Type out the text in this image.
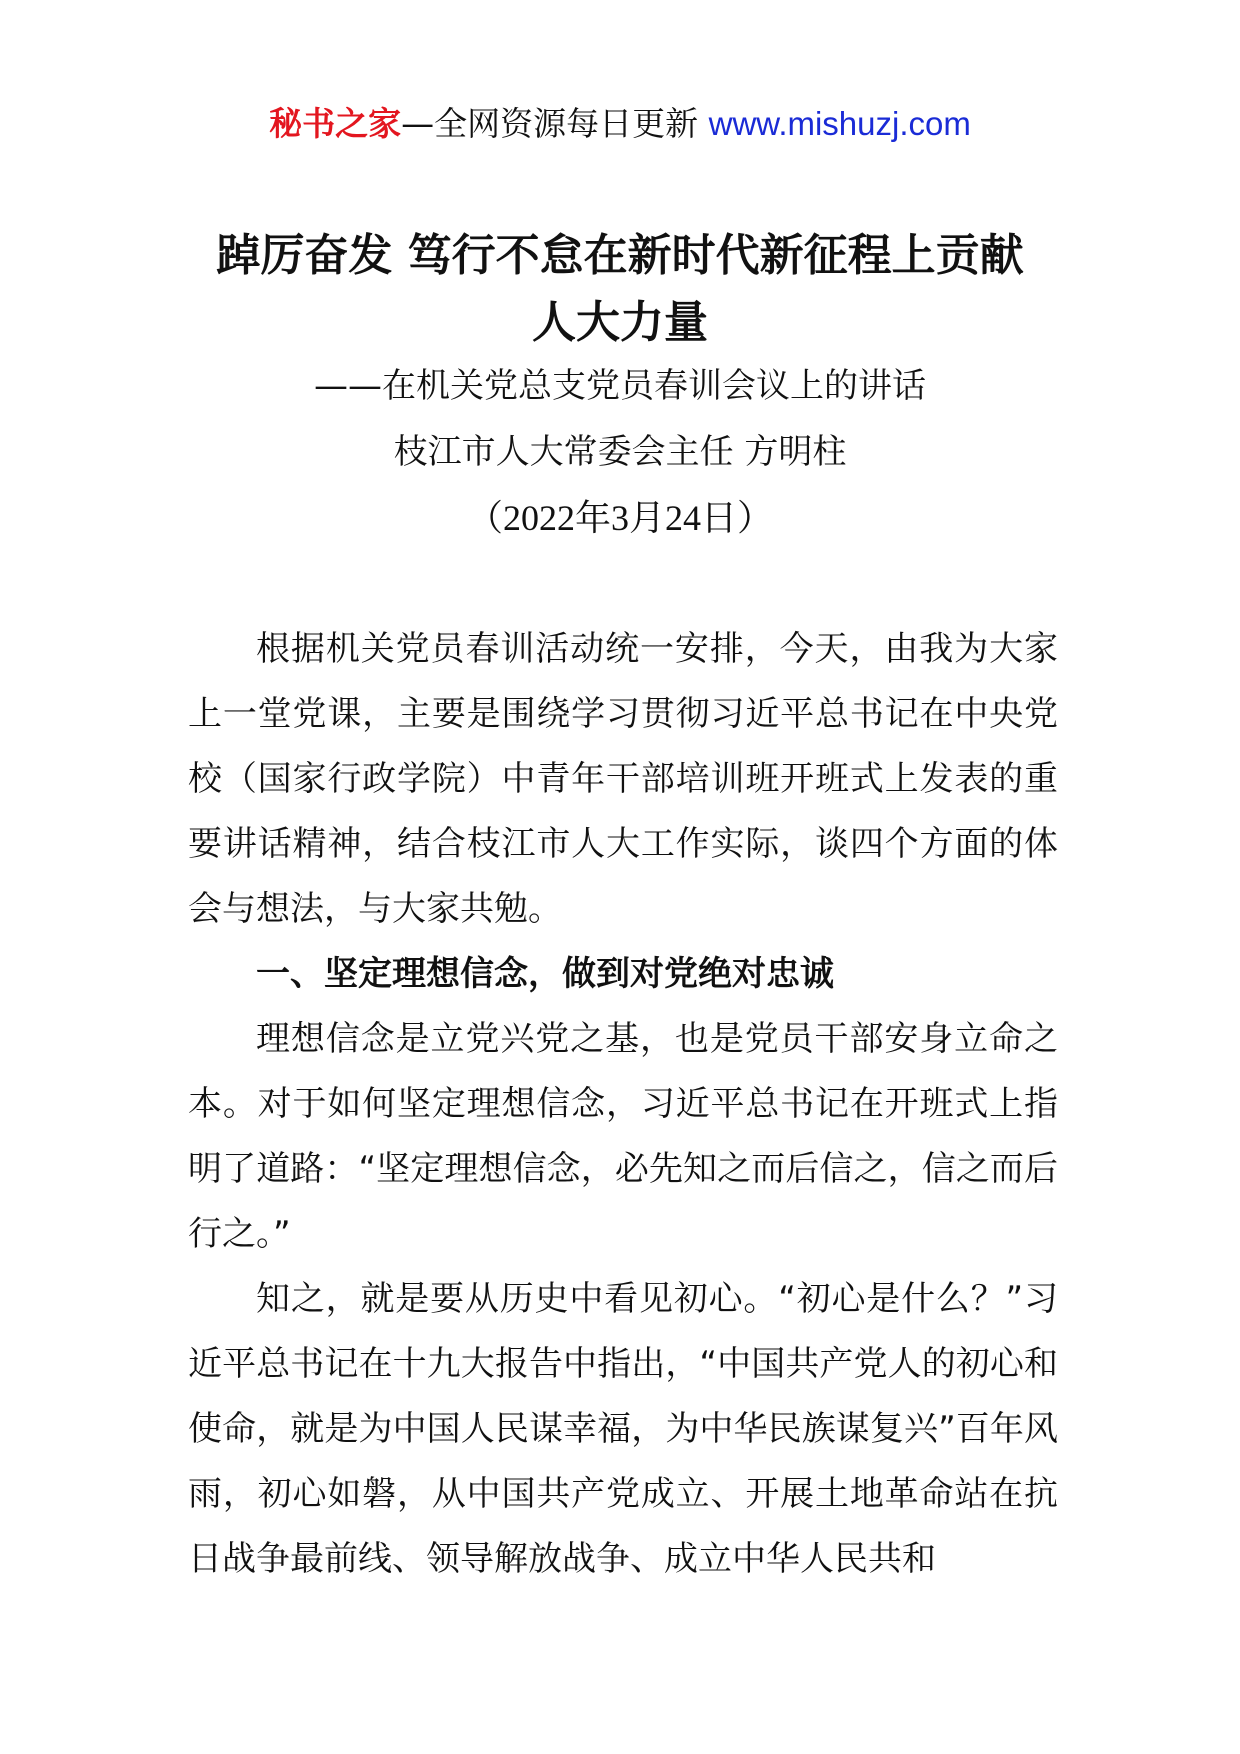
秘书之家—全网资源每日更新 www.mishuzj.com
踔厉奋发 笃行不怠在新时代新征程上贡献
人大力量

——在机关党总支党员春训会议上的讲话

枝江市人大常委会主任 方明柱

（2022年3月24日）

根据机关党员春训活动统一安排，今天，由我为大家上一堂党课，主要是围绕学习贯彻习近平总书记在中央党校（国家行政学院）中青年干部培训班开班式上发表的重要讲话精神，结合枝江市人大工作实际，谈四个方面的体会与想法，与大家共勉。

一、坚定理想信念，做到对党绝对忠诚

理想信念是立党兴党之基，也是党员干部安身立命之本。对于如何坚定理想信念，习近平总书记在开班式上指明了道路：“坚定理想信念，必先知之而后信之，信之而后行之。”

知之，就是要从历史中看见初心。“初心是什么？”习近平总书记在十九大报告中指出，“中国共产党人的初心和使命，就是为中国人民谋幸福，为中华民族谋复兴”百年风雨，初心如磐，从中国共产党成立、开展土地革命站在抗日战争最前线、领导解放战争、成立中华人民共和
